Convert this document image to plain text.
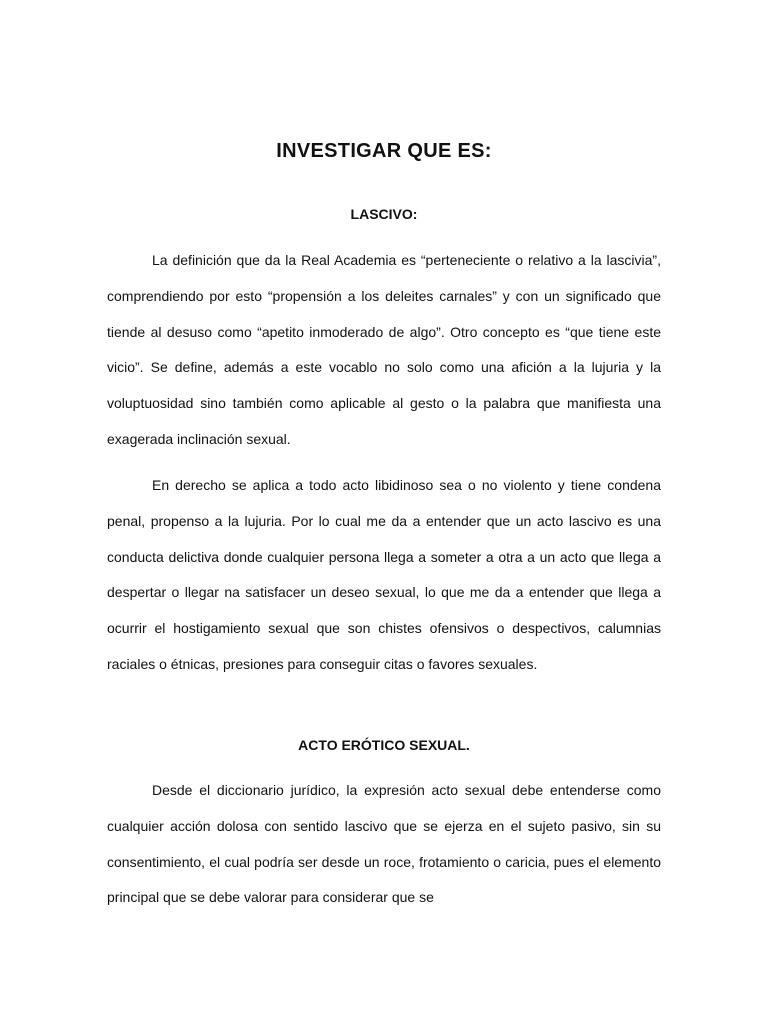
INVESTIGAR QUE ES:
LASCIVO:

La definición que da la Real Academia es “perteneciente o relativo a la lascivia”, comprendiendo por esto “propensión a los deleites carnales” y con un significado que tiende al desuso como “apetito inmoderado de algo”. Otro concepto es “que tiene este vicio”. Se define, además a este vocablo no solo como una afición a la lujuria y la voluptuosidad sino también como aplicable al gesto o la palabra que manifiesta una exagerada inclinación sexual.

En derecho se aplica a todo acto libidinoso sea o no violento y tiene condena penal, propenso a la lujuria. Por lo cual me da a entender que un acto lascivo es una conducta delictiva donde cualquier persona llega a someter a otra a un acto que llega a despertar o llegar na satisfacer un deseo sexual, lo que me da a entender que llega a ocurrir el hostigamiento sexual que son chistes ofensivos o despectivos, calumnias raciales o étnicas, presiones para conseguir citas o favores sexuales.

ACTO ERÓTICO SEXUAL.

Desde el diccionario jurídico, la expresión acto sexual debe entenderse como cualquier acción dolosa con sentido lascivo que se ejerza en el sujeto pasivo, sin su consentimiento, el cual podría ser desde un roce, frotamiento o caricia, pues el elemento principal que se debe valorar para considerar que se
